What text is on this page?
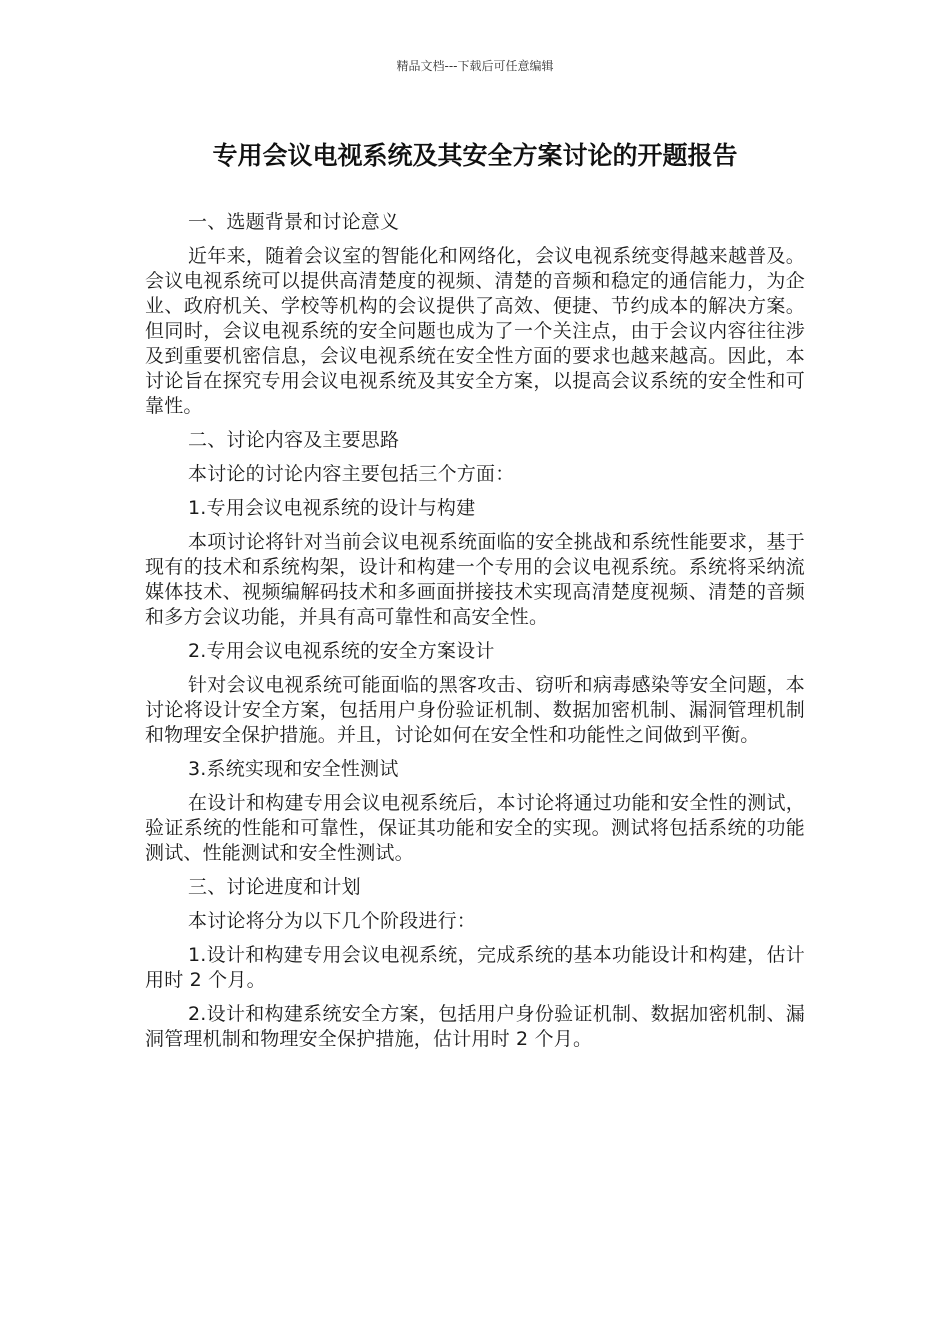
精品文档---下载后可任意编辑
专用会议电视系统及其安全方案讨论的开题报告

一、选题背景和讨论意义

近年来，随着会议室的智能化和网络化，会议电视系统变得越来越普及。会议电视系统可以提供高清楚度的视频、清楚的音频和稳定的通信能力，为企业、政府机关、学校等机构的会议提供了高效、便捷、节约成本的解决方案。但同时，会议电视系统的安全问题也成为了一个关注点，由于会议内容往往涉及到重要机密信息，会议电视系统在安全性方面的要求也越来越高。因此，本讨论旨在探究专用会议电视系统及其安全方案，以提高会议系统的安全性和可靠性。

二、讨论内容及主要思路

本讨论的讨论内容主要包括三个方面：

1.专用会议电视系统的设计与构建

本项讨论将针对当前会议电视系统面临的安全挑战和系统性能要求，基于现有的技术和系统构架，设计和构建一个专用的会议电视系统。系统将采纳流媒体技术、视频编解码技术和多画面拼接技术实现高清楚度视频、清楚的音频和多方会议功能，并具有高可靠性和高安全性。

2.专用会议电视系统的安全方案设计

针对会议电视系统可能面临的黑客攻击、窃听和病毒感染等安全问题，本讨论将设计安全方案，包括用户身份验证机制、数据加密机制、漏洞管理机制和物理安全保护措施。并且，讨论如何在安全性和功能性之间做到平衡。

3.系统实现和安全性测试

在设计和构建专用会议电视系统后，本讨论将通过功能和安全性的测试，验证系统的性能和可靠性，保证其功能和安全的实现。测试将包括系统的功能测试、性能测试和安全性测试。

三、讨论进度和计划

本讨论将分为以下几个阶段进行：

1.设计和构建专用会议电视系统，完成系统的基本功能设计和构建，估计用时 2 个月。

2.设计和构建系统安全方案，包括用户身份验证机制、数据加密机制、漏洞管理机制和物理安全保护措施，估计用时 2 个月。
